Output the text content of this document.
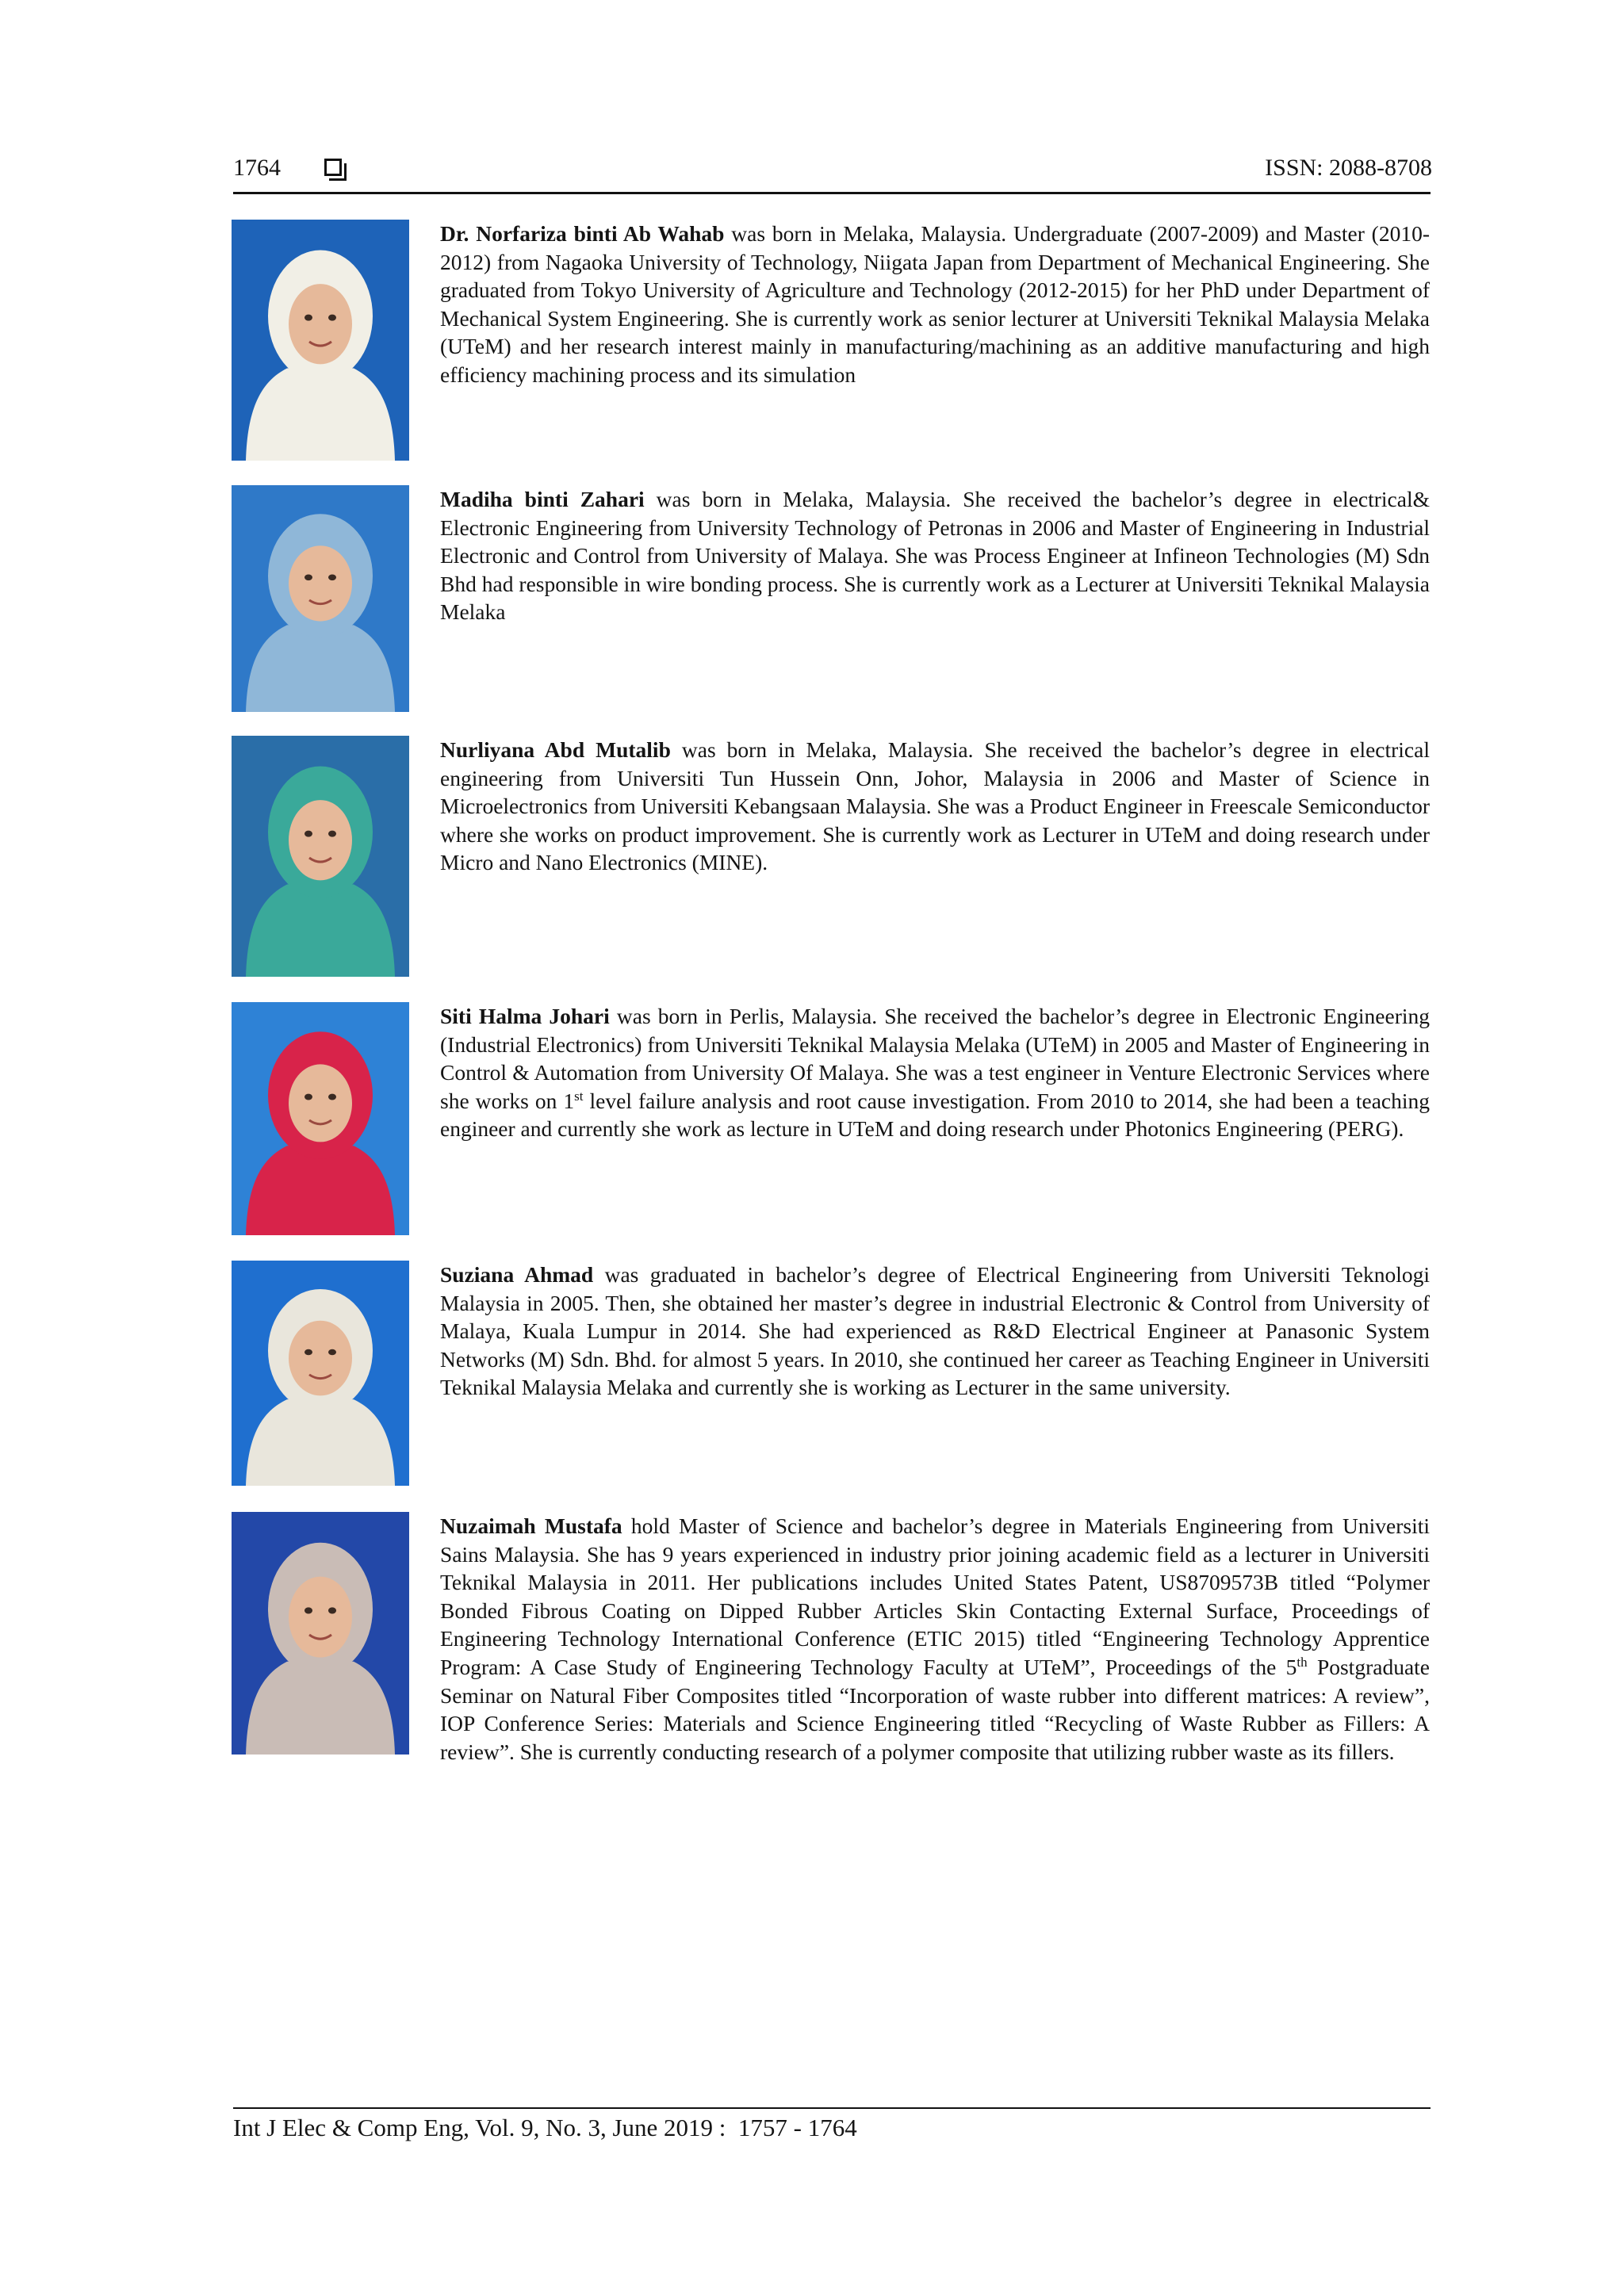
1764	ISSN: 2088-8708

Dr. Norfariza binti Ab Wahab was born in Melaka, Malaysia. Undergraduate (2007-2009) and Master (2010-2012) from Nagaoka University of Technology, Niigata Japan from Department of Mechanical Engineering. She graduated from Tokyo University of Agriculture and Technology (2012-2015) for her PhD under Department of Mechanical System Engineering. She is currently work as senior lecturer at Universiti Teknikal Malaysia Melaka (UTeM) and her research interest mainly in manufacturing/machining as an additive manufacturing and high efficiency machining process and its simulation

Madiha binti Zahari was born in Melaka, Malaysia. She received the bachelor’s degree in electrical& Electronic Engineering from University Technology of Petronas in 2006 and Master of Engineering in Industrial Electronic and Control from University of Malaya. She was Process Engineer at Infineon Technologies (M) Sdn Bhd had responsible in wire bonding process. She is currently work as a Lecturer at Universiti Teknikal Malaysia Melaka

Nurliyana Abd Mutalib was born in Melaka, Malaysia. She received the bachelor’s degree in electrical engineering from Universiti Tun Hussein Onn, Johor, Malaysia in 2006 and Master of Science in Microelectronics from Universiti Kebangsaan Malaysia. She was a Product Engineer in Freescale Semiconductor where she works on product improvement. She is currently work as Lecturer in UTeM and doing research under Micro and Nano Electronics (MINE).

Siti Halma Johari was born in Perlis, Malaysia. She received the bachelor’s degree in Electronic Engineering (Industrial Electronics) from Universiti Teknikal Malaysia Melaka (UTeM) in 2005 and Master of Engineering in Control & Automation from University Of Malaya. She was a test engineer in Venture Electronic Services where she works on 1st level failure analysis and root cause investigation. From 2010 to 2014, she had been a teaching engineer and currently she work as lecture in UTeM and doing research under Photonics Engineering (PERG).

Suziana Ahmad was graduated in bachelor’s degree of Electrical Engineering from Universiti Teknologi Malaysia in 2005. Then, she obtained her master’s degree in industrial Electronic & Control from University of Malaya, Kuala Lumpur in 2014. She had experienced as R&D Electrical Engineer at Panasonic System Networks (M) Sdn. Bhd. for almost 5 years. In 2010, she continued her career as Teaching Engineer in Universiti Teknikal Malaysia Melaka and currently she is working as Lecturer in the same university.

Nuzaimah Mustafa hold Master of Science and bachelor’s degree in Materials Engineering from Universiti Sains Malaysia. She has 9 years experienced in industry prior joining academic field as a lecturer in Universiti Teknikal Malaysia in 2011. Her publications includes United States Patent, US8709573B titled “Polymer Bonded Fibrous Coating on Dipped Rubber Articles Skin Contacting External Surface, Proceedings of Engineering Technology International Conference (ETIC 2015) titled “Engineering Technology Apprentice Program: A Case Study of Engineering Technology Faculty at UTeM”, Proceedings of the 5th Postgraduate Seminar on Natural Fiber Composites titled “Incorporation of waste rubber into different matrices: A review”, IOP Conference Series: Materials and Science Engineering titled “Recycling of Waste Rubber as Fillers: A review”. She is currently conducting research of a polymer composite that utilizing rubber waste as its fillers.

Int J Elec & Comp Eng, Vol. 9, No. 3, June 2019 :  1757 - 1764
